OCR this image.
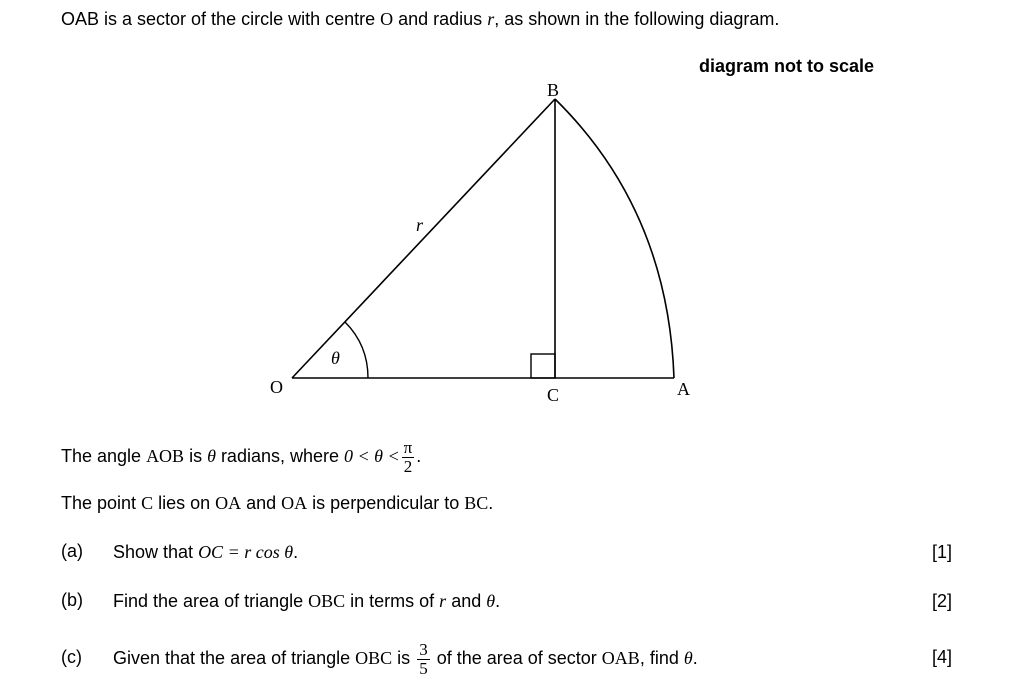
OAB is a sector of the circle with centre O and radius r, as shown in the following diagram.
diagram not to scale
O	A
B
C
r
θ
The angle AOB is θ radians, where $0 < \theta < \frac{\pi}{2}$ .
The point C lies on OA and OA is perpendicular to BC.
(a) Show that OC = r cos θ.	[1]
(b) Find the area of triangle OBC in terms of r and θ.	[2]
(c) Given that the area of triangle OBC is $\frac{3}{5}$ of the area of sector OAB, find θ.	[4]
